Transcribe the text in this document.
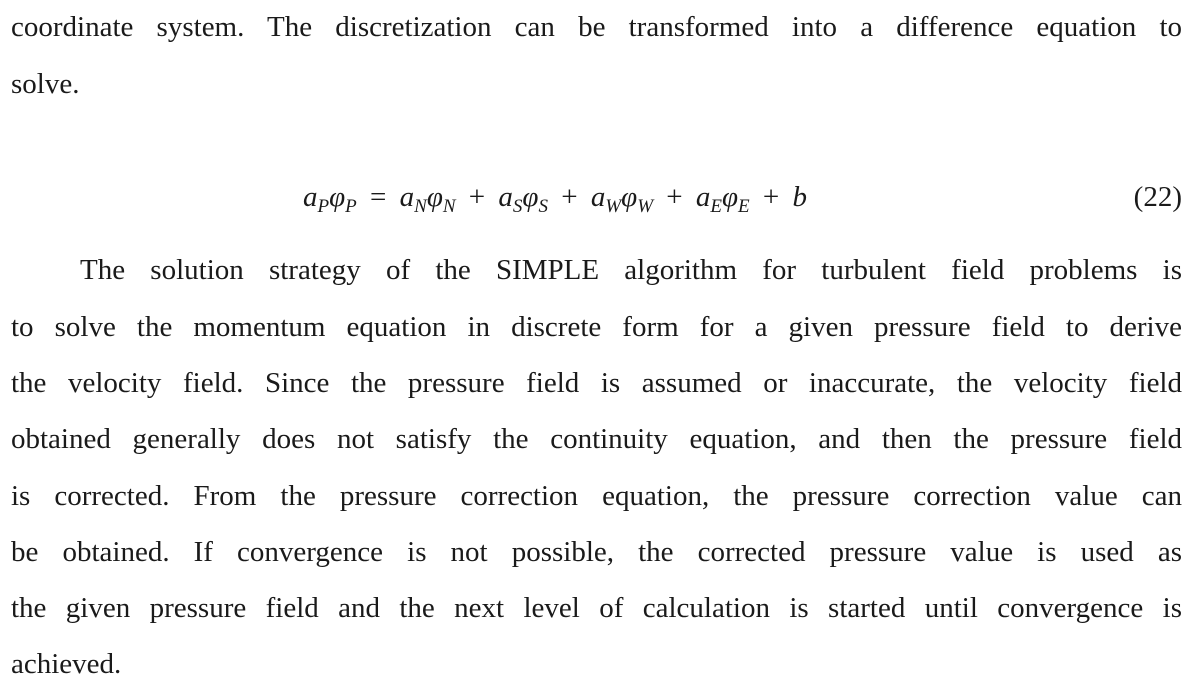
coordinate system. The discretization can be transformed into a difference equation to
solve.
$a_P\varphi_P = a_N\varphi_N + a_S\varphi_S + a_W\varphi_W + a_E\varphi_E + b$	(22)
The solution strategy of the SIMPLE algorithm for turbulent field problems is
to solve the momentum equation in discrete form for a given pressure field to derive
the velocity field. Since the pressure field is assumed or inaccurate, the velocity field
obtained generally does not satisfy the continuity equation, and then the pressure field
is corrected. From the pressure correction equation, the pressure correction value can
be obtained. If convergence is not possible, the corrected pressure value is used as
the given pressure field and the next level of calculation is started until convergence is
achieved.
